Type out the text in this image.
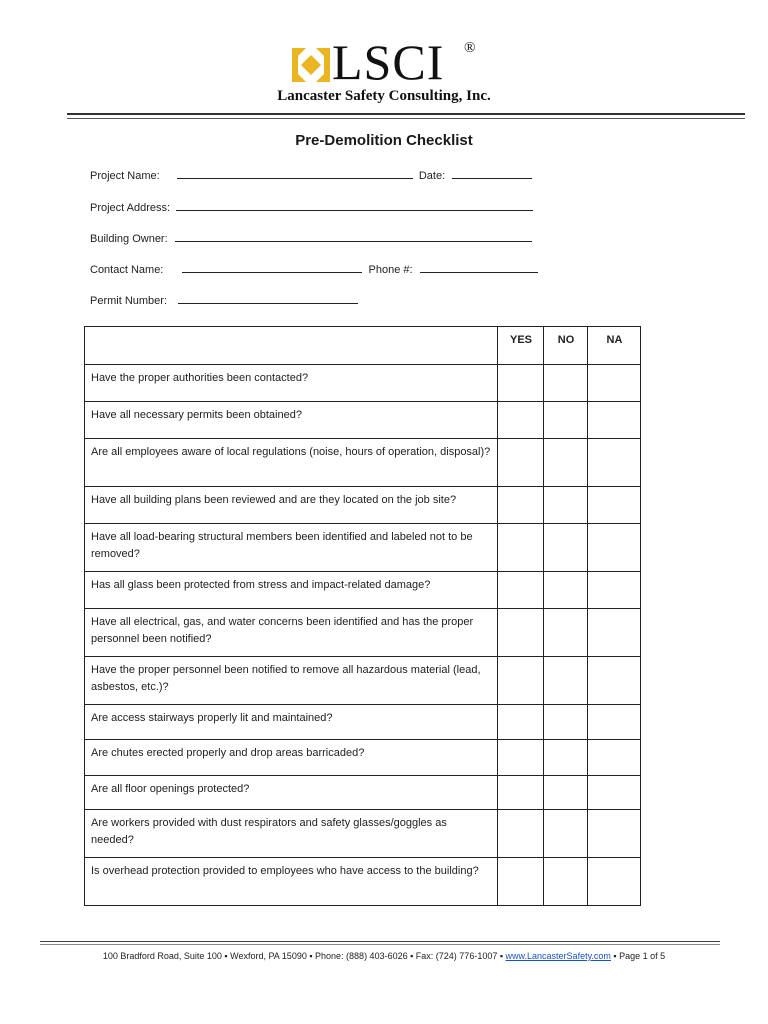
LSCI ®
Lancaster Safety Consulting, Inc.
Pre-Demolition Checklist
Project Name:	Date:
Project Address:
Building Owner:
Contact Name:	Phone #:
Permit Number:
	YES	NO	NA
Have the proper authorities been contacted?			
Have all necessary permits been obtained?			
Are all employees aware of local regulations (noise, hours of operation, disposal)?			
Have all building plans been reviewed and are they located on the job site?			
Have all load-bearing structural members been identified and labeled not to be removed?			
Has all glass been protected from stress and impact-related damage?			
Have all electrical, gas, and water concerns been identified and has the proper personnel been notified?			
Have the proper personnel been notified to remove all hazardous material (lead, asbestos, etc.)?			
Are access stairways properly lit and maintained?			
Are chutes erected properly and drop areas barricaded?			
Are all floor openings protected?			
Are workers provided with dust respirators and safety glasses/goggles as needed?			
Is overhead protection provided to employees who have access to the building?			
100 Bradford Road, Suite 100 ▪ Wexford, PA 15090 ▪ Phone: (888) 403-6026 ▪ Fax: (724) 776-1007 ▪ www.LancasterSafety.com ▪ Page 1 of 5
